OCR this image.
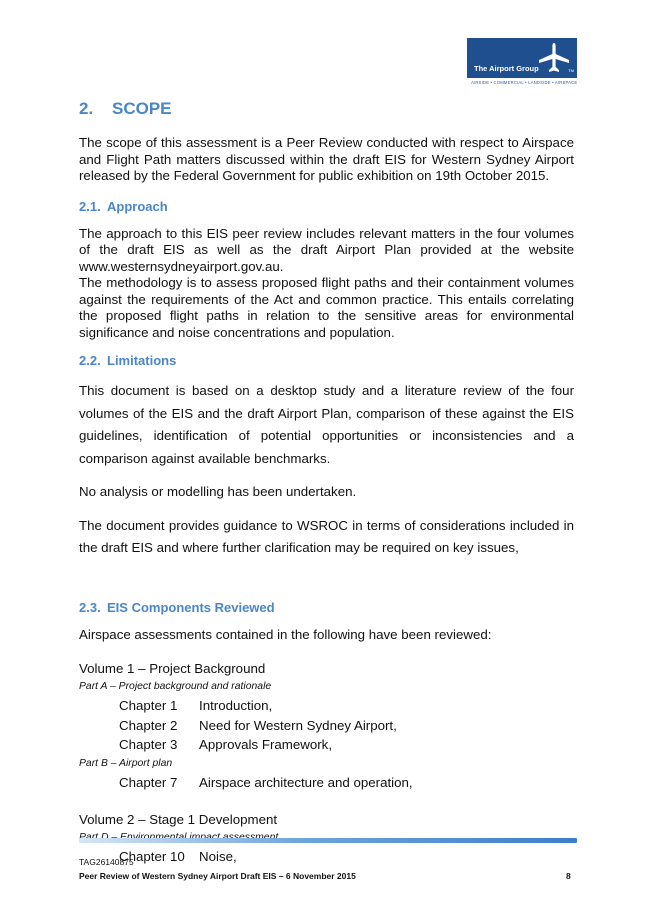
The Airport Group	TM
AIRSIDE • COMMERCIAL • LANDSIDE • AIRSPACE
2. SCOPE

The scope of this assessment is a Peer Review conducted with respect to Airspace and Flight Path matters discussed within the draft EIS for Western Sydney Airport released by the Federal Government for public exhibition on 19th October 2015.

2.1. Approach

The approach to this EIS peer review includes relevant matters in the four volumes of the draft EIS as well as the draft Airport Plan provided at the website www.westernsydneyairport.gov.au.

The methodology is to assess proposed flight paths and their containment volumes against the requirements of the Act and common practice. This entails correlating the proposed flight paths in relation to the sensitive areas for environmental significance and noise concentrations and population.

2.2. Limitations

This document is based on a desktop study and a literature review of the four volumes of the EIS and the draft Airport Plan, comparison of these against the EIS guidelines, identification of potential opportunities or inconsistencies and a comparison against available benchmarks.

No analysis or modelling has been undertaken.

The document provides guidance to WSROC in terms of considerations included in the draft EIS and where further clarification may be required on key issues,

2.3. EIS Components Reviewed

Airspace assessments contained in the following have been reviewed:

Volume 1 – Project Background
Part A – Project background and rationale
Chapter 1	Introduction,
Chapter 2	Need for Western Sydney Airport,
Chapter 3	Approvals Framework,
Part B – Airport plan
Chapter 7	Airspace architecture and operation,
Volume 2 – Stage 1 Development
Chapter 10	Noise,
TAG26140875
Peer Review of Western Sydney Airport Draft EIS – 6 November 2015	8
